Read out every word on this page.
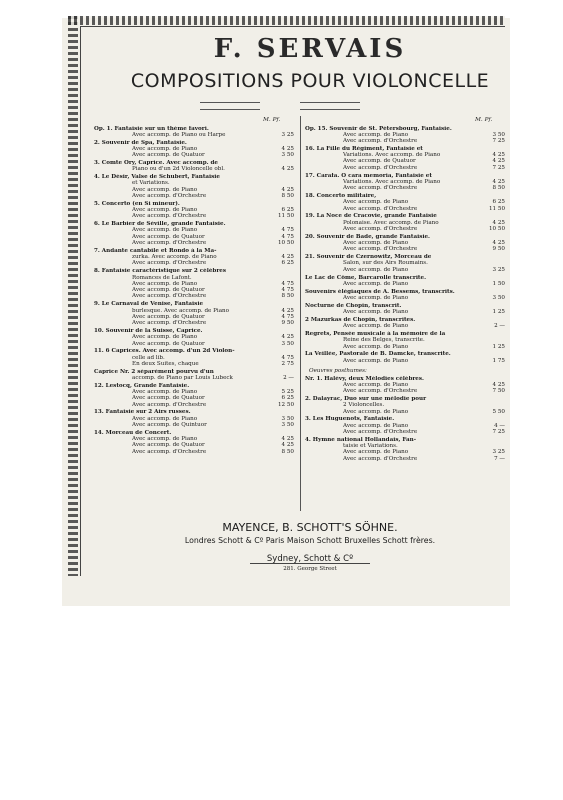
F. SERVAIS
COMPOSITIONS POUR VIOLONCELLE
M. Pf.	M. Pf.
Op. 1. Fantaisie sur un thème favori.
Avec accomp. de Piano ou Harpe	3 25
2. Souvenir de Spa, Fantaisie.
Avec accomp. de Piano	4 25
Avec accomp. de Quatuor	3 50
3. Comte Ory, Caprice. Avec accomp. de
Piano ou d'un 2d Violoncelle obl.	4 25
4. Le Désir, Valse de Schubert, Fantaisie
et Variations.
Avec accomp. de Piano	4 25
Avec accomp. d'Orchestre	8 50
5. Concerto (en Si mineur).
Avec accomp. de Piano	6 25
Avec accomp. d'Orchestre	11 50
6. Le Barbier de Séville, grande Fantaisie.
Avec accomp. de Piano	4 75
Avec accomp. de Quatuor	4 75
Avec accomp. d'Orchestre	10 50
7. Andante cantabile et Rondo à la Ma-
zurka. Avec accomp. de Piano	4 25
Avec accomp. d'Orchestre	6 25
8. Fantaisie caractéristique sur 2 célèbres
Romances de Lafont.
Avec accomp. de Piano	4 75
Avec accomp. de Quatuor	4 75
Avec accomp. d'Orchestre	8 50
9. Le Carnaval de Venise, Fantaisie
burlesque. Avec accomp. de Piano	4 25
Avec accomp. de Quatuor	4 75
Avec accomp. d'Orchestre	9 50
10. Souvenir de la Suisse, Caprice.
Avec accomp. de Piano	4 25
Avec accomp. de Quatuor	3 50
11. 6 Caprices. Avec accomp. d'un 2d Violon-
celle ad lib.	4 75
En deux Suites, chaque	2 75
Caprice Nr. 2 séparément pourvu d'un
accomp. de Piano par Louis Lubeck	2 —
12. Lestocq, Grande Fantaisie.
Avec accomp. de Piano	5 25
Avec accomp. de Quatuor	6 25
Avec accomp. d'Orchestre	12 50
13. Fantaisie sur 2 Airs russes.
Avec accomp. de Piano	3 50
Avec accomp. de Quintuor	3 50
14. Morceau de Concert.
Avec accomp. de Piano	4 25
Avec accomp. de Quatuor	4 25
Avec accomp. d'Orchestre	8 50
Op. 15. Souvenir de St. Pétersbourg, Fantaisie.
Avec accomp. de Piano	3 50
Avec accomp. d'Orchestre	7 25
16. La Fille du Régiment, Fantaisie et
Variations. Avec accomp. de Piano	4 25
Avec accomp. de Quatuor	4 25
Avec accomp. d'Orchestre	7 25
17. Carafa. O cara memoria, Fantaisie et
Variations. Avec accomp. de Piano	4 25
Avec accomp. d'Orchestre	8 50
18. Concerto militaire,
Avec accomp. de Piano	6 25
Avec accomp. d'Orchestre	11 50
19. La Noce de Cracovie, grande Fantaisie
Polonaise. Avec accomp. de Piano	4 25
Avec accomp. d'Orchestre	10 50
20. Souvenir de Bade, grande Fantaisie.
Avec accomp. de Piano	4 25
Avec accomp. d'Orchestre	9 50
21. Souvenir de Czernowitz, Morceau de
Salon, sur des Airs Roumains.
Avec accomp. de Piano	3 25
Le Lac de Côme, Barcarolle transcrite.
Avec accomp. de Piano	1 50
Souvenirs élégiaques de A. Bessems, transcrits.
Avec accomp. de Piano	3 50
Nocturne de Chopin, transcrit.
Avec accomp. de Piano	1 25
2 Mazurkas de Chopin, transcrites.
Avec accomp. de Piano	2 —
Regrets, Pensée musicale à la mémoire de la
Reine des Belges, transcrite.
Avec accomp. de Piano	1 25
La Veillée, Pastorale de B. Damcke, transcrite.
Avec accomp. de Piano	1 75
Oeuvres posthumes:
Nr. 1. Halévy, deux Mélodies célèbres.
Avec accomp. de Piano	4 25
Avec accomp. d'Orchestre	7 50
2. Dalayrac, Duo sur une mélodie pour
2 Violoncelles.
Avec accomp. de Piano	5 50
3. Les Huguenots, Fantaisie.
Avec accomp. de Piano	4 —
Avec accomp. d'Orchestre	7 25
4. Hymne national Hollandais, Fan-
taisie et Variations.
Avec accomp. de Piano	3 25
Avec accomp. d'Orchestre	7 —
MAYENCE, B. SCHOTT'S SÖHNE.
Londres Schott & Cº Paris Maison Schott Bruxelles Schott frères.
Sydney, Schott & Cº
281. George Street
